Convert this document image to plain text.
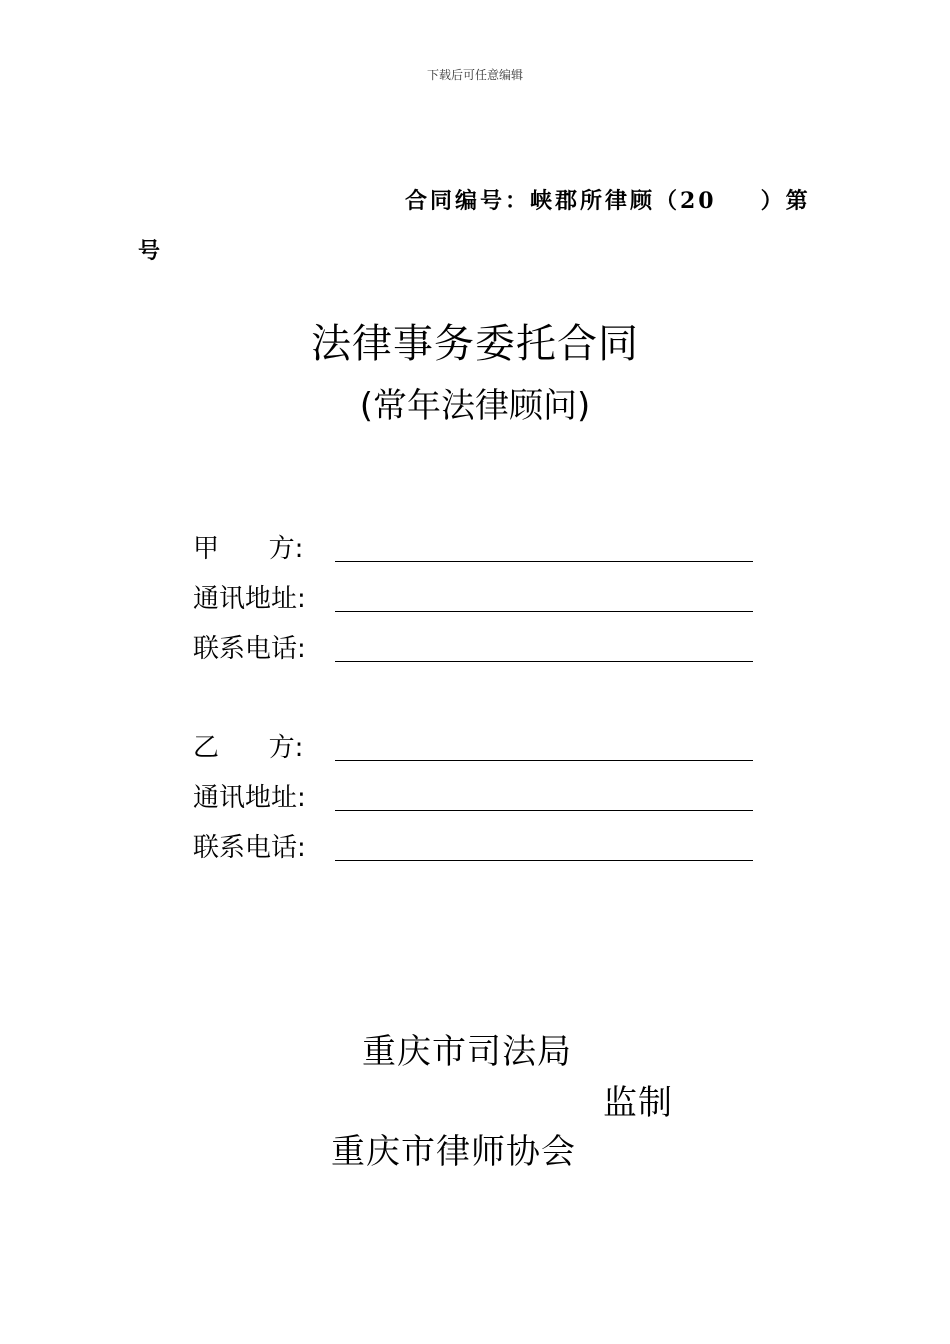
下载后可任意编辑
合同编号：峡郡所律顾（20 ）第
号
法律事务委托合同
(常年法律顾问)
甲      方:
通讯地址:
联系电话:
乙      方:
通讯地址:
联系电话:
重庆市司法局
监制
重庆市律师协会
